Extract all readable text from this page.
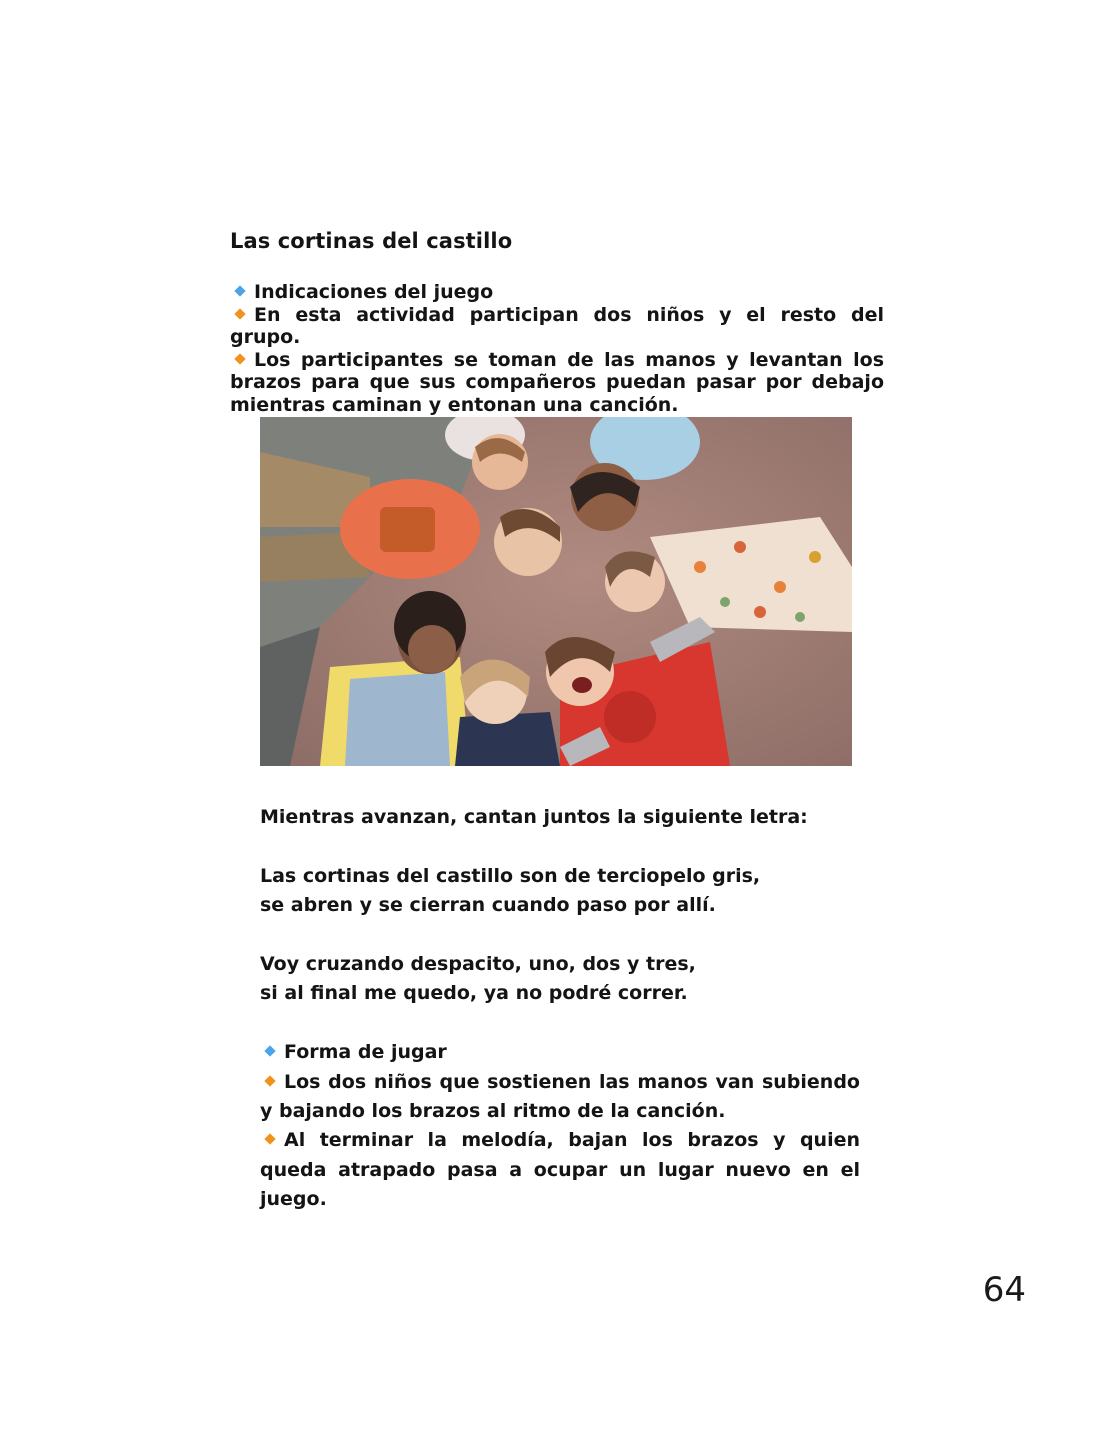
Las cortinas del castillo

Indicaciones del juego

En esta actividad participan dos niños y el resto del grupo.

Los participantes se toman de las manos y levantan los brazos para que sus compañeros puedan pasar por debajo mientras caminan y entonan una canción.

Mientras avanzan, cantan juntos la siguiente letra:

Las cortinas del castillo son de terciopelo gris,

se abren y se cierran cuando paso por allí.

Voy cruzando despacito, uno, dos y tres,

si al final me quedo, ya no podré correr.

Forma de jugar

Los dos niños que sostienen las manos van subiendo y bajando los brazos al ritmo de la canción.

Al terminar la melodía, bajan los brazos y quien queda atrapado pasa a ocupar un lugar nuevo en el juego.

64
